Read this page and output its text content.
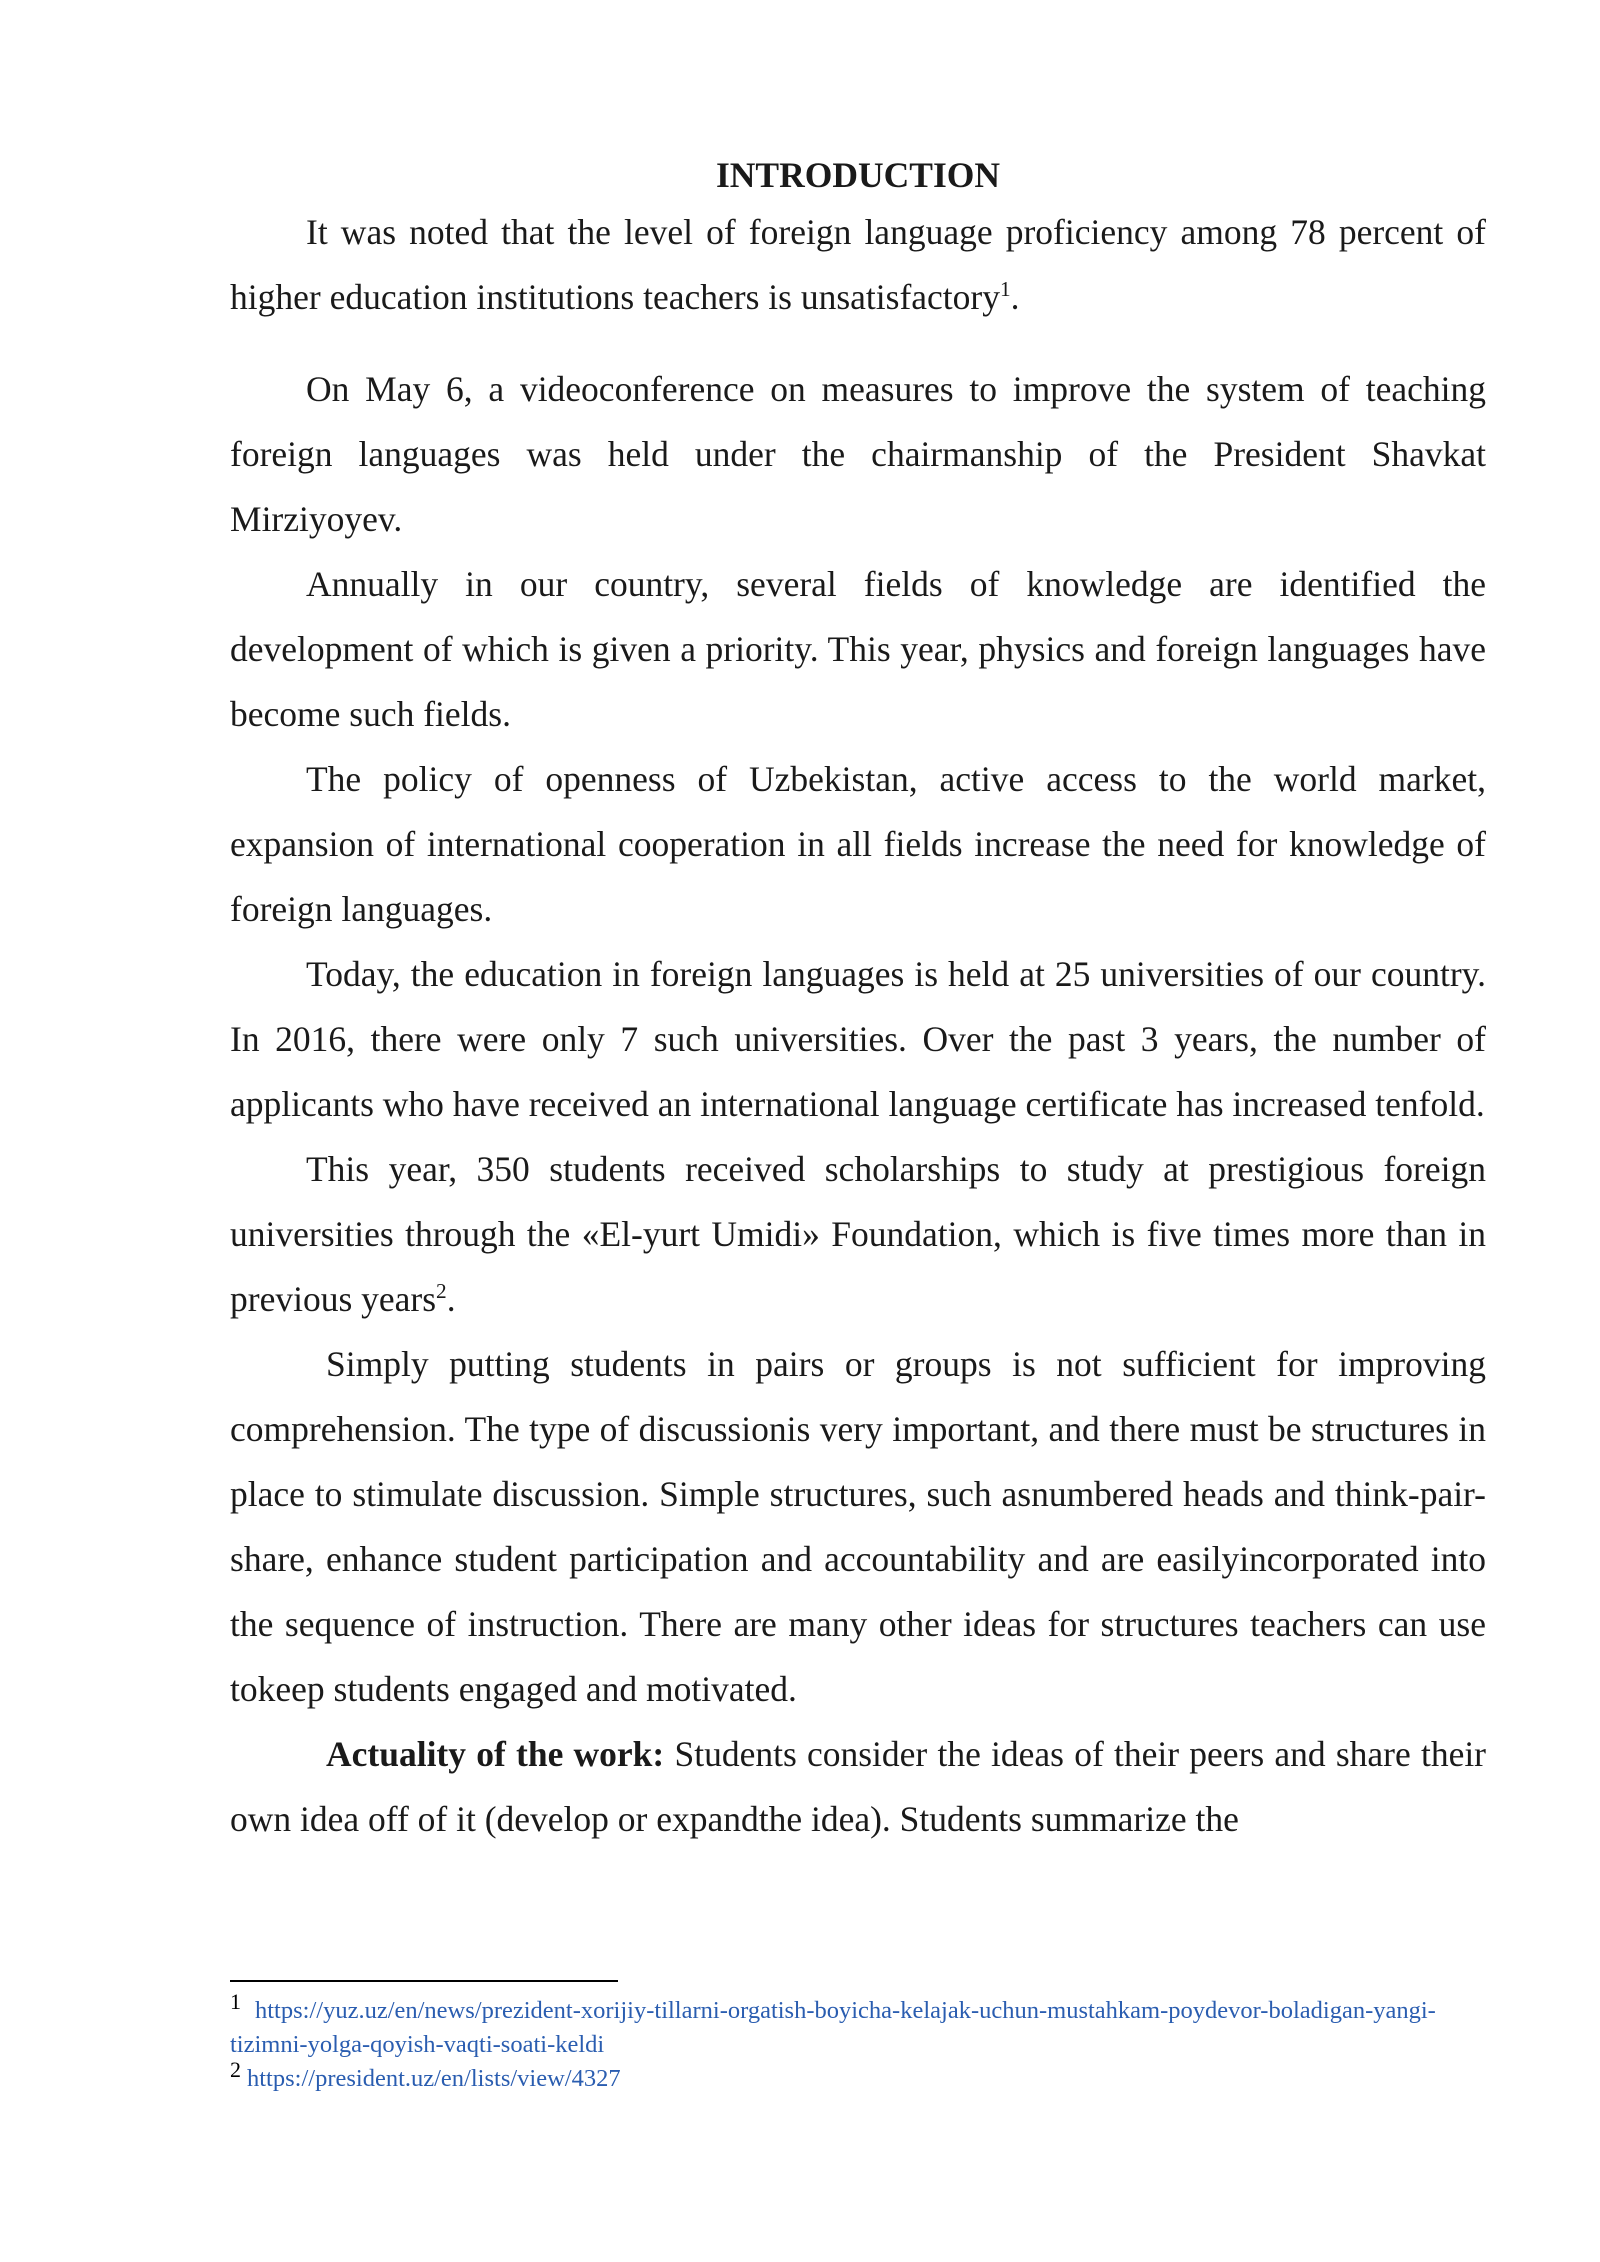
INTRODUCTION

It was noted that the level of foreign language proficiency among 78 percent of higher education institutions teachers is unsatisfactory$^1$.

On May 6, a videoconference on measures to improve the system of teaching foreign languages was held under the chairmanship of the President Shavkat Mirziyoyev.

Annually in our country, several fields of knowledge are identified the development of which is given a priority. This year, physics and foreign languages have become such fields.

The policy of openness of Uzbekistan, active access to the world market, expansion of international cooperation in all fields increase the need for knowledge of foreign languages.

Today, the education in foreign languages is held at 25 universities of our country. In 2016, there were only 7 such universities. Over the past 3 years, the number of applicants who have received an international language certificate has increased tenfold.

This year, 350 students received scholarships to study at prestigious foreign universities through the «El-yurt Umidi» Foundation, which is five times more than in previous years$^2$.

Simply putting students in pairs or groups is not sufficient for improving comprehension. The type of discussionis very important, and there must be structures in place to stimulate discussion. Simple structures, such asnumbered heads and think-pair-share, enhance student participation and accountability and are easilyincorporated into the sequence of instruction. There are many other ideas for structures teachers can use tokeep students engaged and motivated.

Actuality of the work: Students consider the ideas of their peers and share their own idea off of it (develop or expandthe idea). Students summarize the

1 https://yuz.uz/en/news/prezident-xorijiy-tillarni-orgatish-boyicha-kelajak-uchun-mustahkam-poydevor-boladigan-yangi-tizimni-yolga-qoyish-vaqti-soati-keldi
2 https://president.uz/en/lists/view/4327
